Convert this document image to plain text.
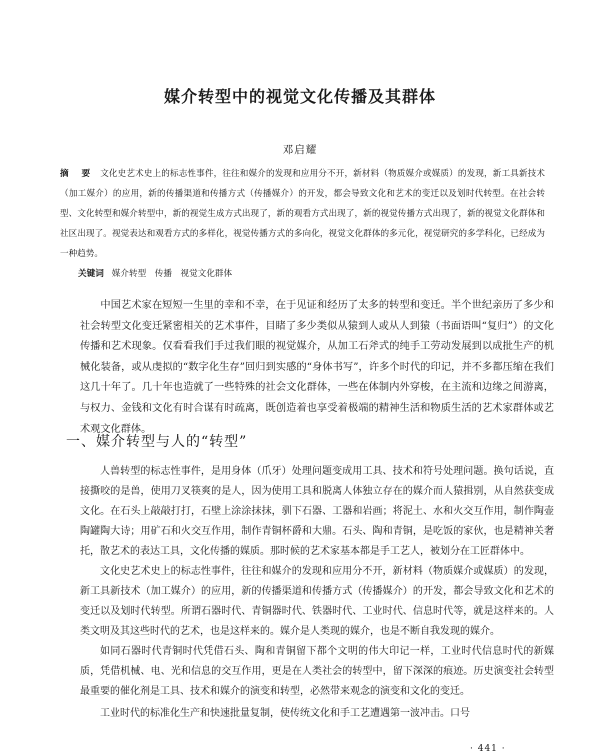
媒介转型中的视觉文化传播及其群体
邓启耀
摘　要 文化史艺术史上的标志性事件，往往和媒介的发现和应用分不开，新材料（物质媒介或媒质）的发现，新工具新技术（加工媒介）的应用，新的传播渠道和传播方式（传播媒介）的开发，都会导致文化和艺术的变迁以及划时代转型。在社会转型、文化转型和媒介转型中，新的视觉生成方式出现了，新的观看方式出现了，新的视觉传播方式出现了，新的视觉文化群体和社区出现了。视觉表达和观看方式的多样化，视觉传播方式的多向化，视觉文化群体的多元化，视觉研究的多学科化，已经成为一种趋势。
关键词 媒介转型　传播　视觉文化群体

中国艺术家在短短一生里的幸和不幸，在于见证和经历了太多的转型和变迁。半个世纪亲历了多少和社会转型文化变迁紧密相关的艺术事件，目睹了多少类似从猿到人或从人到猿（书面语叫“复归”）的文化传播和艺术现象。仅看看我们手过我们眼的视觉媒介，从加工石斧式的纯手工劳动发展到以成批生产的机械化装备，或从虔拟的“数字化生存”回归到实感的“身体书写”，许多个时代的印记，并不多都压缩在我们这几十年了。几十年也造就了一些特殊的社会文化群体，一些在体制内外穿梭，在主流和边缘之间游离，与权力、金钱和文化有时合谋有时疏离，既创造着也享受着极端的精神生活和物质生活的艺术家群体或艺术观文化群体。

一、媒介转型与人的“转型”

人兽转型的标志性事件，是用身体（爪牙）处理问题变成用工具、技术和符号处理问题。换句话说，直接撕咬的是兽，使用刀叉筷爽的是人，因为使用工具和脱离人体独立存在的媒介而人猿揖别，从自然获变成文化。在石头上敲敲打打，石壁上涂涂抹抹，驯下石器、工器和岩画；将泥土、水和火交互作用，制作陶壶陶罐陶大诗；用矿石和火交互作用，制作青铜杯爵和大鼎。石头、陶和青铜，是吃饭的家伙，也是精神关奢托，散艺术的表达工具，文化传播的媒质。那时候的艺术家基本都是手工艺人，被划分在工匠群体中。

文化史艺术史上的标志性事件，往往和媒介的发现和应用分不开，新材料（物质媒介或媒质）的发现，新工具新技术（加工媒介）的应用，新的传播渠道和传播方式（传播媒介）的开发，都会导致文化和艺术的变迁以及划时代转型。所谓石器时代、青铜器时代、铁器时代、工业时代、信息时代等，就是这样来的。人类文明及其这些时代的艺术，也是这样来的。媒介是人类现的媒介，也是不断自我发现的媒介。

如同石器时代青铜时代凭借石头、陶和青铜留下都个文明的伟大印记一样，工业时代信息时代的新媒质，凭借机械、电、光和信息的交互作用，更是在人类社会的转型中，留下深深的痕迹。历史演变社会转型最重要的催化剂是工具、技术和媒介的演变和转型，必然带来观念的演变和文化的变迁。

工业时代的标准化生产和快速批量复制，使传统文化和手工艺遭遇第一波冲击。口号

· 441 ·
